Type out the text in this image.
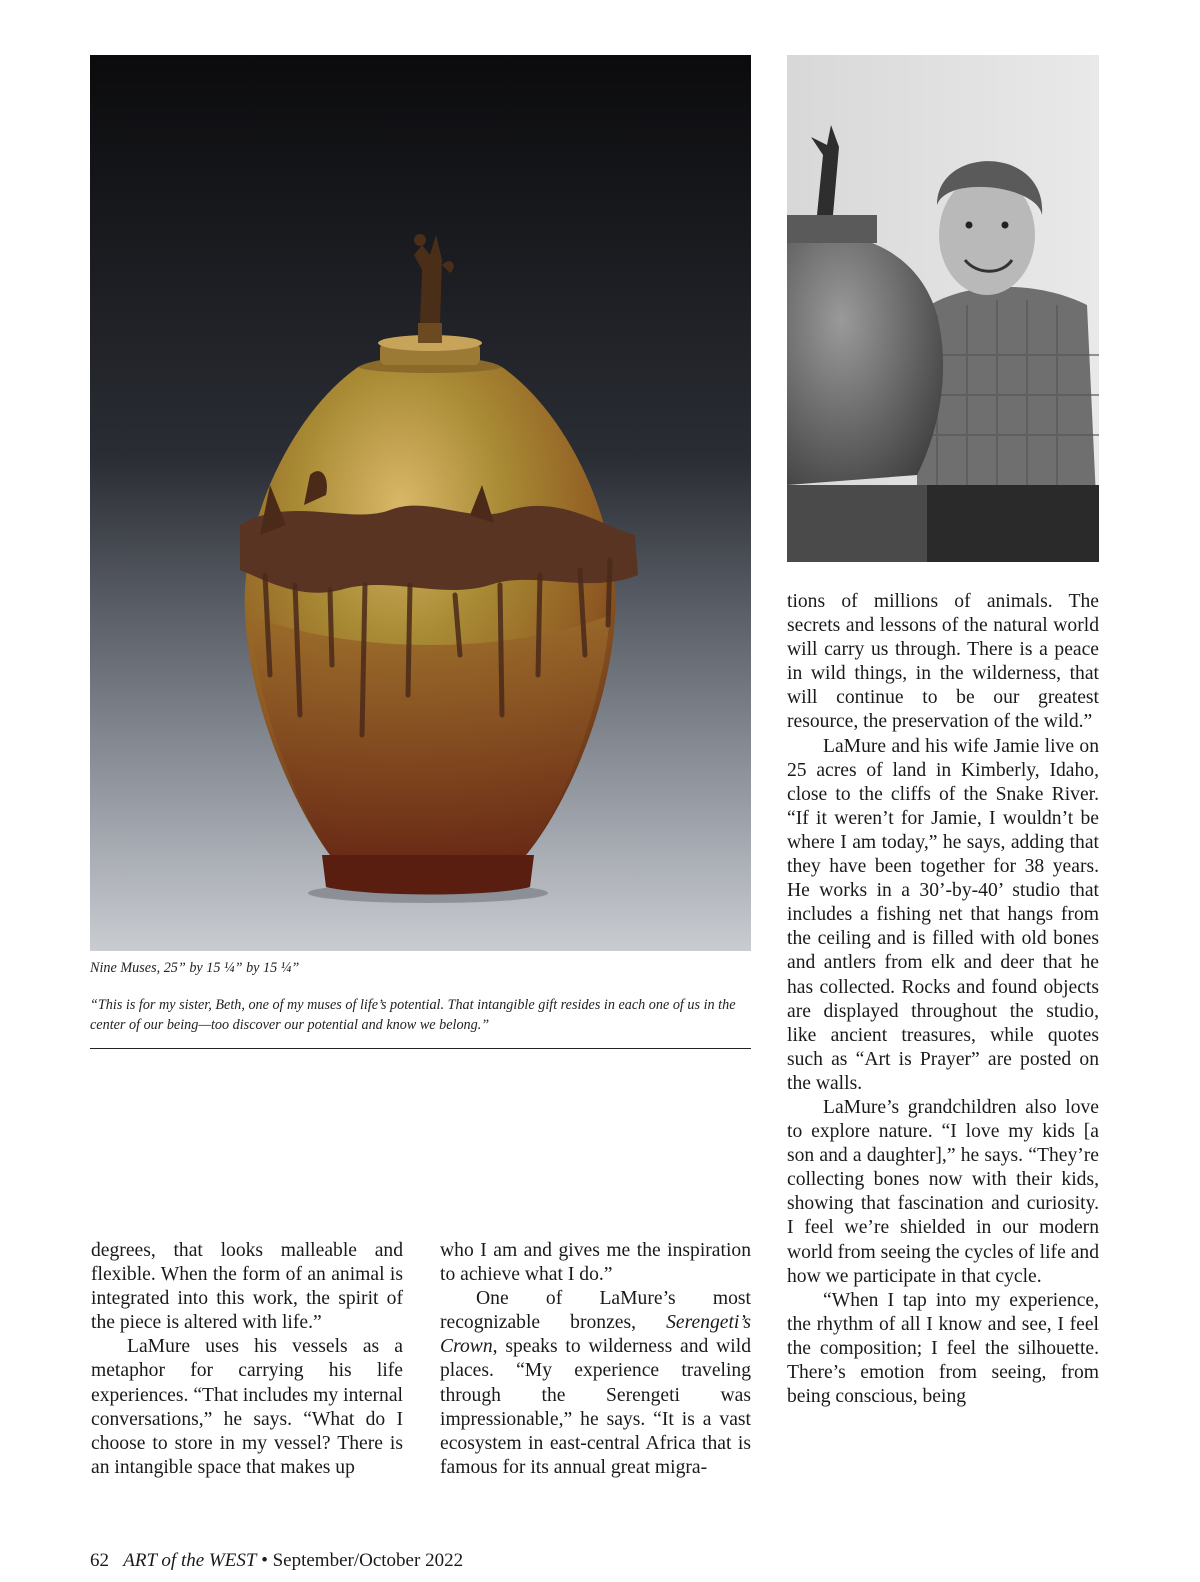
Nine Muses, 25” by 15 ¼” by 15 ¼”
“This is for my sister, Beth, one of my muses of life’s potential. That intangible gift resides in each one of us in the center of our being—too discover our potential and know we belong.”

degrees, that looks malleable and flexible. When the form of an animal is integrated into this work, the spirit of the piece is altered with life.”

LaMure uses his vessels as a metaphor for carrying his life experiences. “That includes my internal conversations,” he says. “What do I choose to store in my vessel? There is an intangible space that makes up

who I am and gives me the inspiration to achieve what I do.”

One of LaMure’s most recognizable bronzes, Serengeti’s Crown, speaks to wilderness and wild places. “My experience traveling through the Serengeti was impressionable,” he says. “It is a vast ecosystem in east-central Africa that is famous for its annual great migra-

tions of millions of animals. The secrets and lessons of the natural world will carry us through. There is a peace in wild things, in the wilderness, that will continue to be our greatest resource, the preservation of the wild.”

LaMure and his wife Jamie live on 25 acres of land in Kimberly, Idaho, close to the cliffs of the Snake River. “If it weren’t for Jamie, I wouldn’t be where I am today,” he says, adding that they have been together for 38 years. He works in a 30’-by-40’ studio that includes a fishing net that hangs from the ceiling and is filled with old bones and antlers from elk and deer that he has collected. Rocks and found objects are displayed throughout the studio, like ancient treasures, while quotes such as “Art is Prayer” are posted on the walls.

LaMure’s grandchildren also love to explore nature. “I love my kids [a son and a daughter],” he says. “They’re collecting bones now with their kids, showing that fascination and curiosity. I feel we’re shielded in our modern world from seeing the cycles of life and how we participate in that cycle.

“When I tap into my experience, the rhythm of all I know and see, I feel the composition; I feel the silhouette. There’s emotion from seeing, from being conscious, being

62 ART of the WEST • September/October 2022
